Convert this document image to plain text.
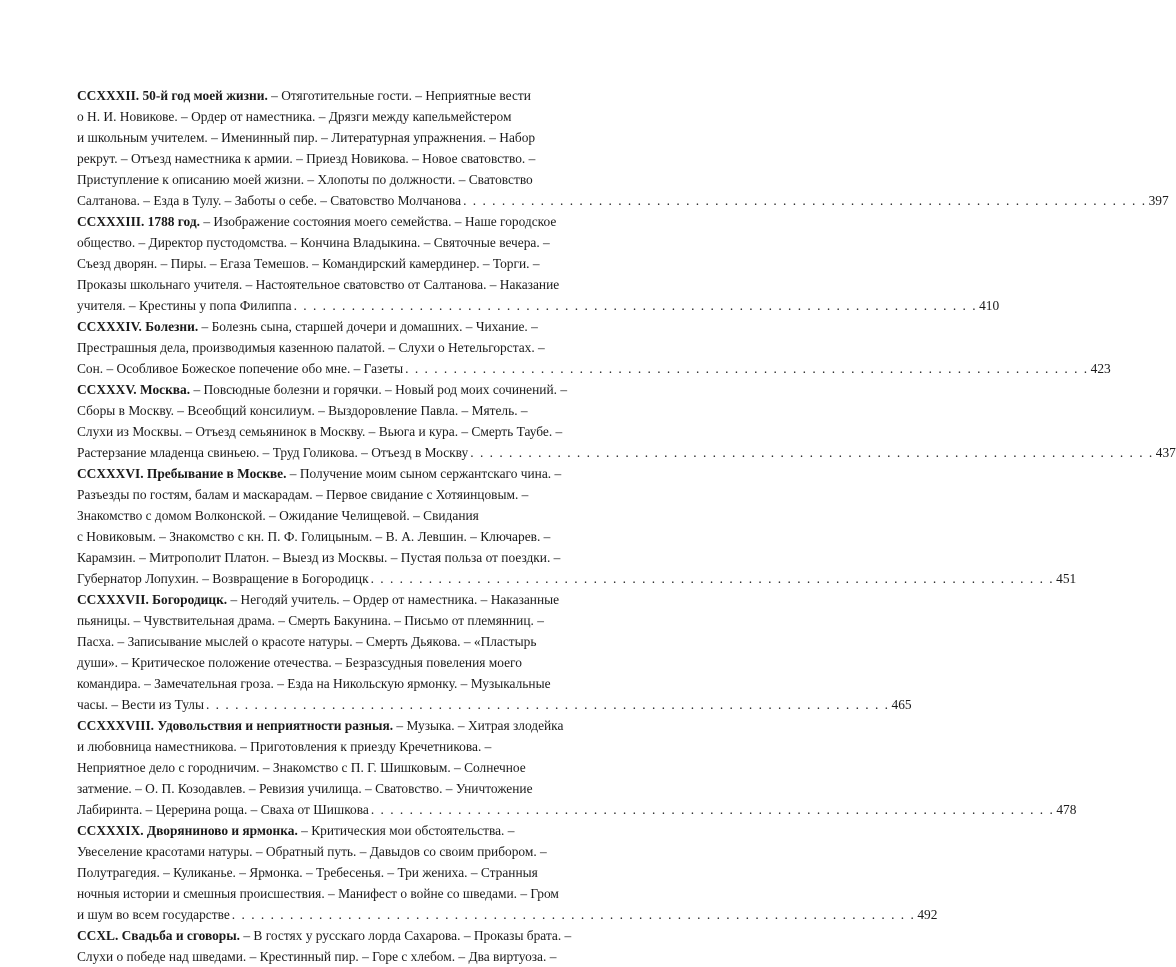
CCXXXII. 50-й год моей жизни. – Отяготительные гости. – Неприятные вести
о Н. И. Новикове. – Ордер от наместника. – Дрязги между капельмейстером
и школьным учителем. – Именинный пир. – Литературная упражнения. – Набор
рекрут. – Отъезд наместника к армии. – Приезд Новикова. – Новое сватовство. –
Приступление к описанию моей жизни. – Хлопоты по должности. – Сватовство
Салтанова. – Езда в Тулу. – Заботы о себе. – Сватовство Молчанова . . .	397
CCXXXIII. 1788 год. – Изображение состояния моего семейства. – Наше городское
общество. – Директор пустодомства. – Кончина Владыкина. – Святочные вечера. –
Съезд дворян. – Пиры. – Егаза Темешов. – Командирский камердинер. – Торги. –
Проказы школьнаго учителя. – Настоятельное сватовство от Салтанова. – Наказание
учителя. – Крестины у попа Филиппа . . .	410
CCXXXIV. Болезни. – Болезнь сына, старшей дочери и домашних. – Чихание. –
Престрашныя дела, производимыя казенною палатой. – Слухи о Нетельгорстах. –
Сон. – Особливое Божеское попечение обо мне. – Газеты . . .	423
CCXXXV. Москва. – Повсюдные болезни и горячки. – Новый род моих сочинений. –
Сборы в Москву. – Всеобщий консилиум. – Выздоровление Павла. – Мятель. –
Слухи из Москвы. – Отъезд семьянинок в Москву. – Вьюга и кура. – Смерть Таубе. –
Растерзание младенца свиньею. – Труд Голикова. – Отъезд в Москву . . .	437
CCXXXVI. Пребывание в Москве. – Получение моим сыном сержантскаго чина. –
Разъезды по гостям, балам и маскарадам. – Первое свидание с Хотяинцовым. –
Знакомство с домом Волконской. – Ожидание Челищевой. – Свидания
с Новиковым. – Знакомство с кн. П. Ф. Голицыным. – В. А. Левшин. – Ключарев. –
Карамзин. – Митрополит Платон. – Выезд из Москвы. – Пустая польза от поездки. –
Губернатор Лопухин. – Возвращение в Богородицк . . .	451
CCXXXVII. Богородицк. – Негодяй учитель. – Ордер от наместника. – Наказанные
пьяницы. – Чувствительная драма. – Смерть Бакунина. – Письмо от племянниц. –
Пасха. – Записывание мыслей о красоте натуры. – Смерть Дьякова. – «Пластырь
души». – Критическое положение отечества. – Безразсудныя повеления моего
командира. – Замечательная гроза. – Езда на Никольскую ярмонку. – Музыкальные
часы. – Вести из Тулы . . .	465
CCXXXVIII. Удовольствия и неприятности разныя. – Музыка. – Хитрая злодейка
и любовница наместникова. – Приготовления к приезду Кречетникова. –
Неприятное дело с городничим. – Знакомство с П. Г. Шишковым. – Солнечное
затмение. – О. П. Козодавлев. – Ревизия училища. – Сватовство. – Уничтожение
Лабиринта. – Церерина роща. – Сваха от Шишкова . . .	478
CCXXXIX. Дворяниново и ярмонка. – Критическия мои обстоятельства. –
Увеселение красотами натуры. – Обратный путь. – Давыдов со своим прибором. –
Полутрагедия. – Куликанье. – Ярмонка. – Требесенья. – Три жениха. – Странныя
ночныя истории и смешныя происшествия. – Манифест о войне со шведами. – Гром
и шум во всем государстве . . .	492
CCXL. Свадьба и сговоры. – В гостях у русскаго лорда Сахарова. – Проказы брата. –
Слухи о победе над шведами. – Крестинный пир. – Горе с хлебом. – Два виртуоза. –
